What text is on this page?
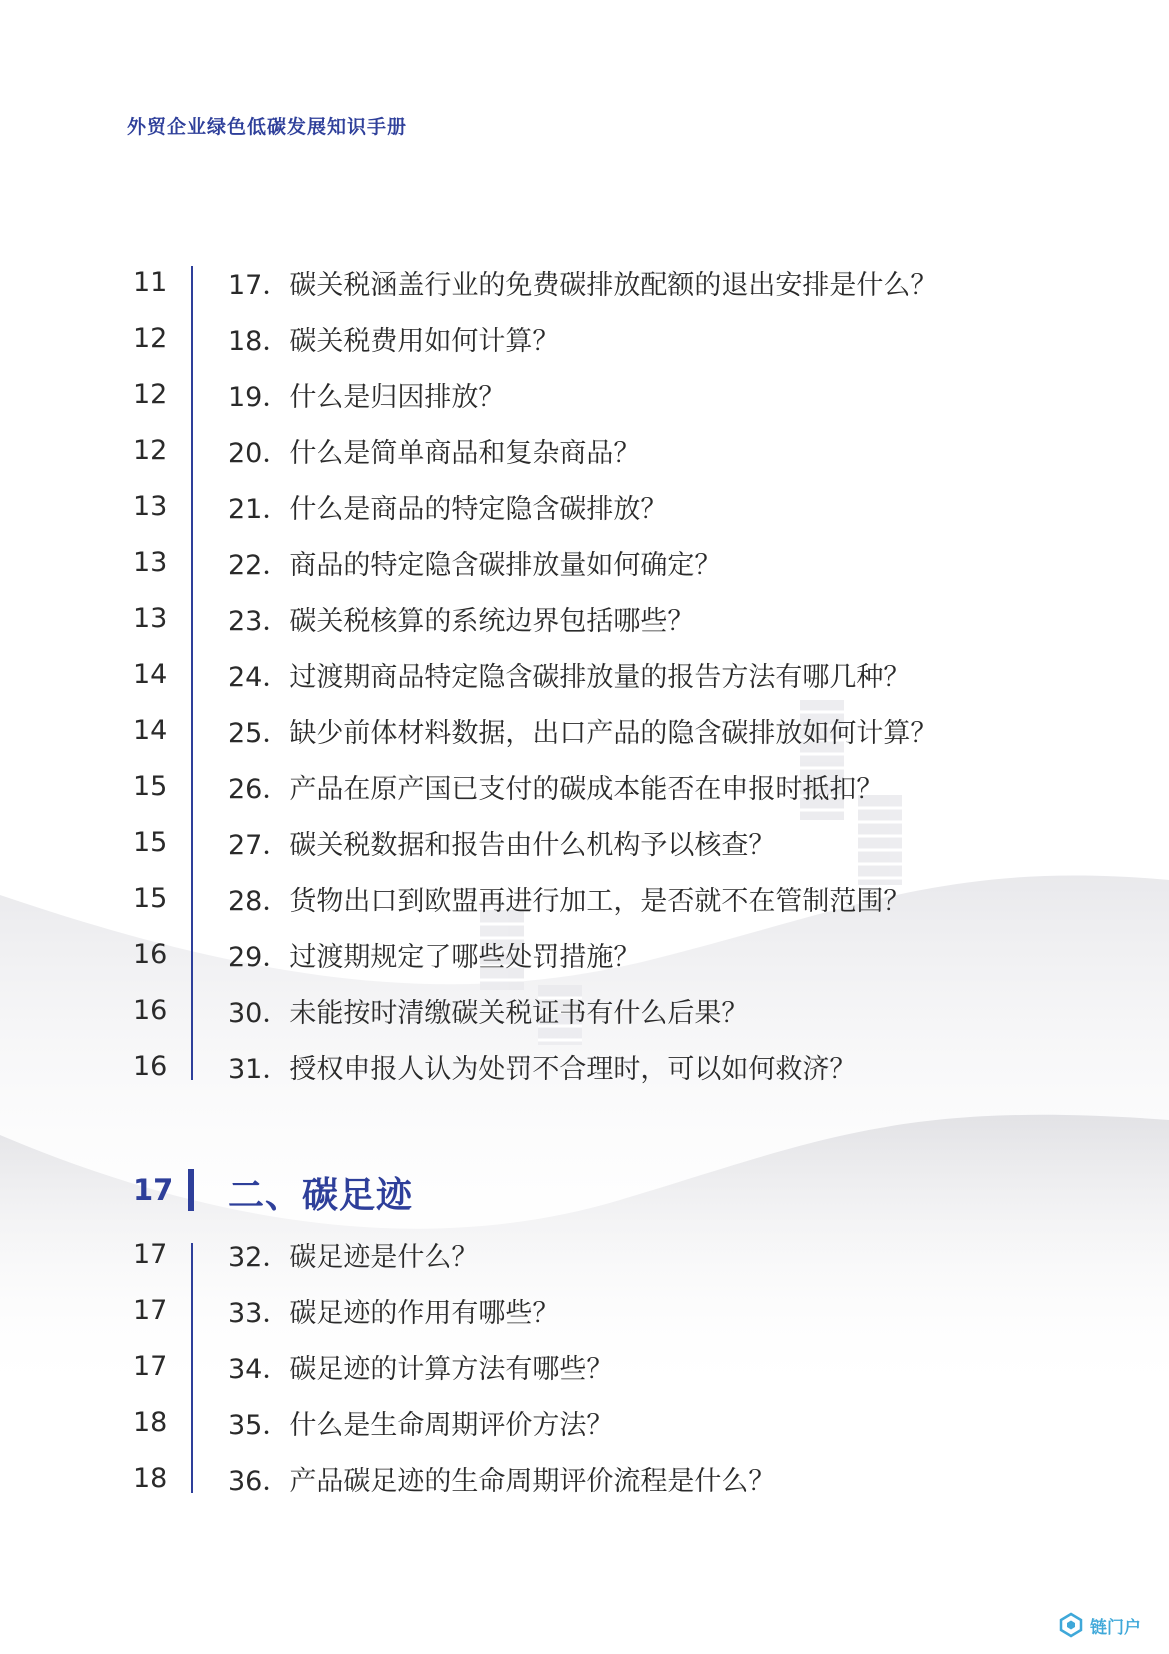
外贸企业绿色低碳发展知识手册
11 17．碳关税涵盖行业的免费碳排放配额的退出安排是什么？
12 18．碳关税费用如何计算？
12 19．什么是归因排放？
12 20．什么是简单商品和复杂商品？
13 21．什么是商品的特定隐含碳排放？
13 22．商品的特定隐含碳排放量如何确定？
13 23．碳关税核算的系统边界包括哪些？
14 24．过渡期商品特定隐含碳排放量的报告方法有哪几种？
14 25．缺少前体材料数据，出口产品的隐含碳排放如何计算？
15 26．产品在原产国已支付的碳成本能否在申报时抵扣？
15 27．碳关税数据和报告由什么机构予以核查？
15 28．货物出口到欧盟再进行加工，是否就不在管制范围？
16 29．过渡期规定了哪些处罚措施？
16 30．未能按时清缴碳关税证书有什么后果？
16 31．授权申报人认为处罚不合理时，可以如何救济？
17 二、碳足迹
17 32．碳足迹是什么？
17 33．碳足迹的作用有哪些？
17 34．碳足迹的计算方法有哪些？
18 35．什么是生命周期评价方法？
18 36．产品碳足迹的生命周期评价流程是什么？
链门户
